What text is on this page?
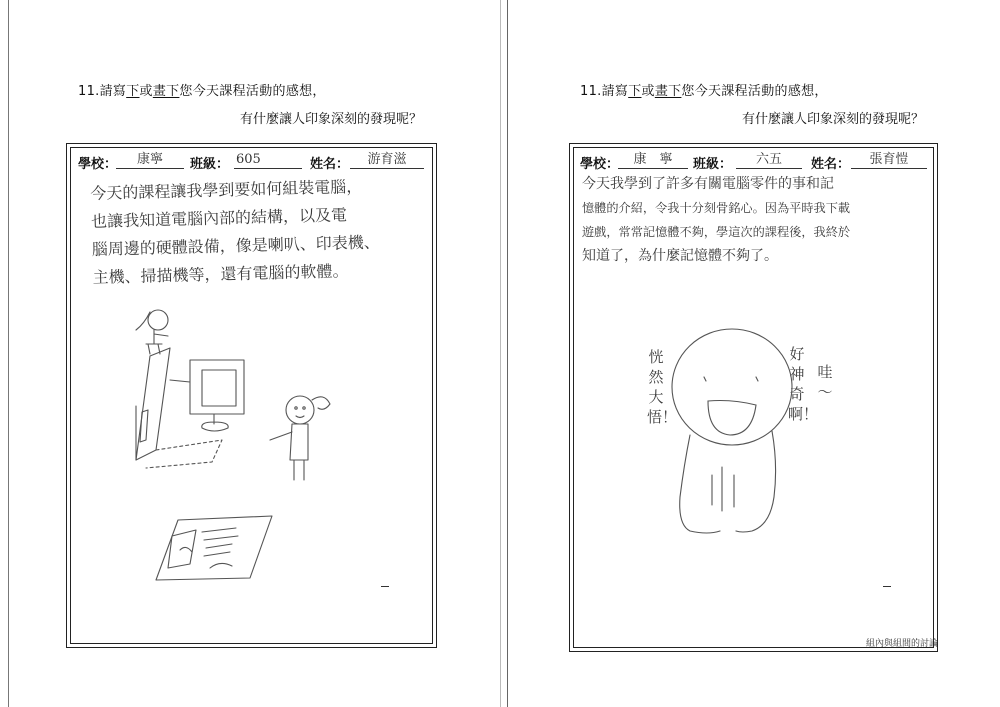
11.請寫下或畫下您今天課程活動的感想，
有什麼讓人印象深刻的發現呢？
學校：	康寧	班級： 605	姓名：	游育滋
今天的課程讓我學到要如何組裝電腦，
也讓我知道電腦內部的結構，以及電
腦周邊的硬體設備，像是喇叭、印表機、
主機、掃描機等，還有電腦的軟體。
11.請寫下或畫下您今天課程活動的感想，
有什麼讓人印象深刻的發現呢？
學校：	康　寧	班級：	六五	姓名：	張育愷
今天我學到了許多有關電腦零件的事和記
憶體的介紹，令我十分刻骨銘心。因為平時我下載
遊戲，常常記憶體不夠，學這次的課程後，我終於
知道了，為什麼記憶體不夠了。
恍然大悟！
好神奇啊！
哇～
組內與組間的討論
